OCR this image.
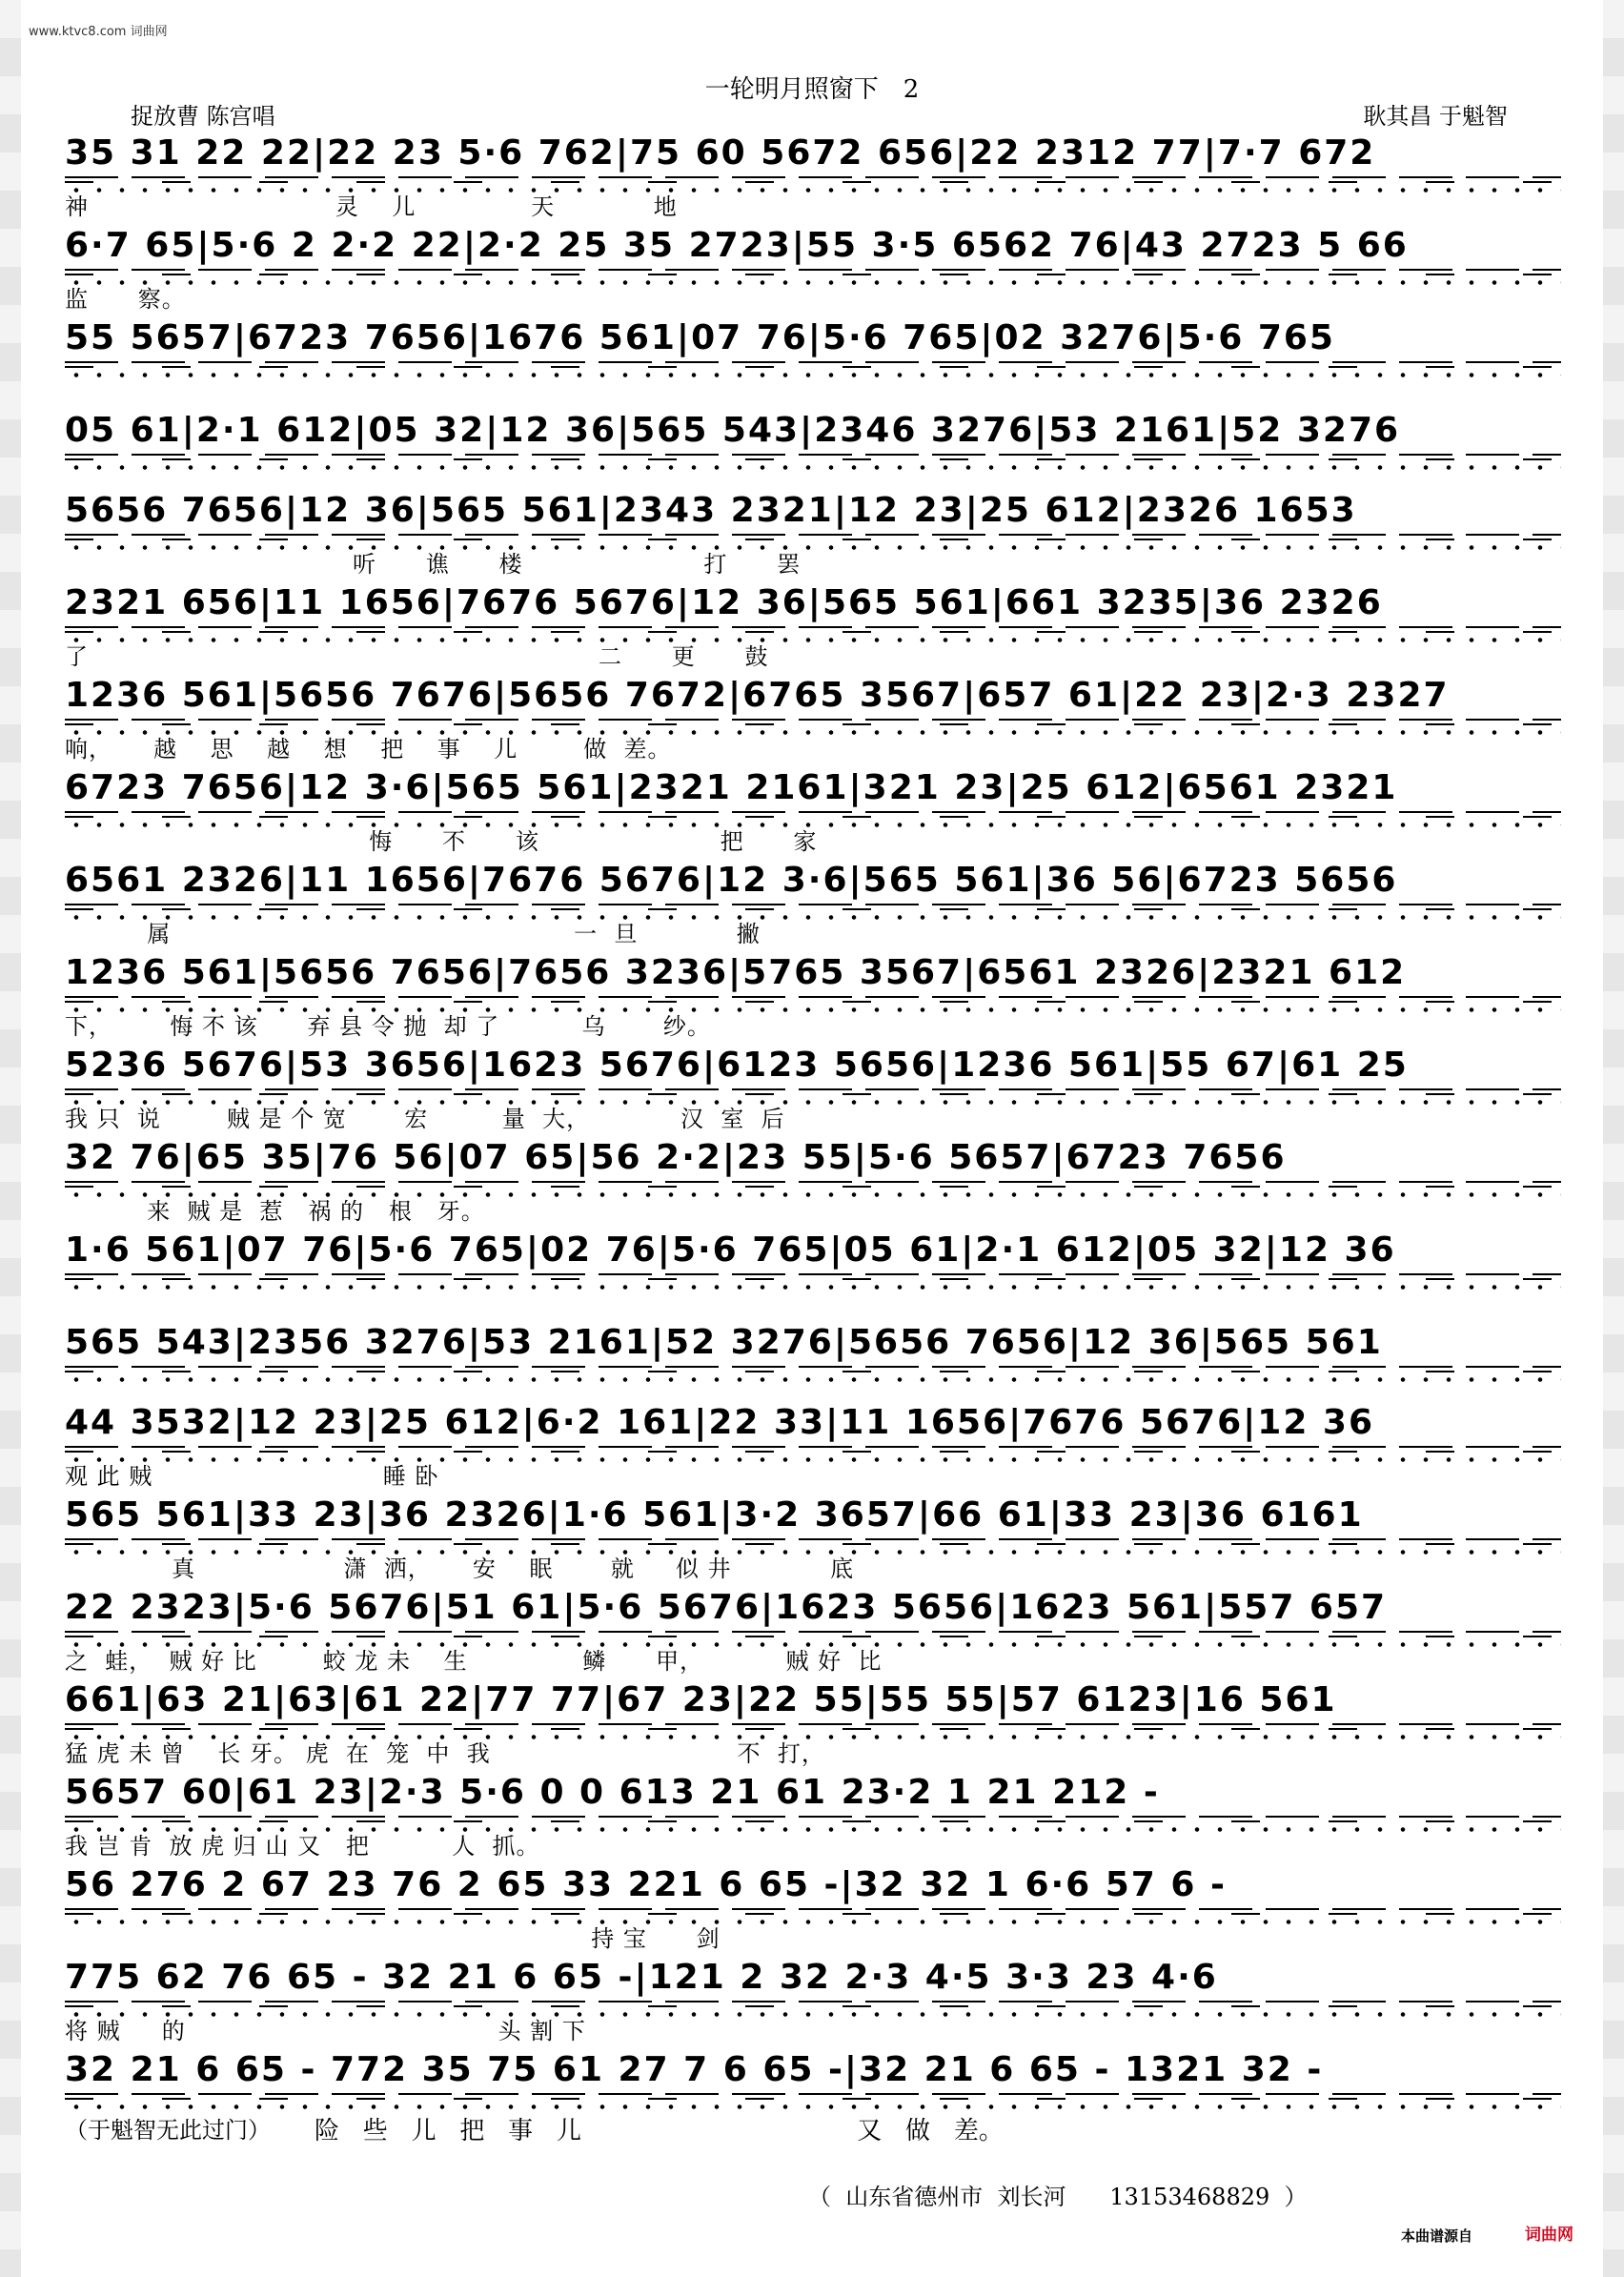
www.ktvc8.com 词曲网
一轮明月照窗下　2
捉放曹 陈宫唱	耿其昌 于魁智
35 31 22 22|22 23 5·6 762|75 60 5672 656|22 2312 77|7·7 672
神                              灵    儿              天            地
6·7 65|5·6 2 2·2 22|2·2 25 35 2723|55 3·5 6562 76|43 2723 5 66
监      察。
55 5657|6723 7656|1676 561|07 76|5·6 765|02 3276|5·6 765
05 61|2·1 612|05 32|12 36|565 543|2346 3276|53 2161|52 3276
5656 7656|12 36|565 561|2343 2321|12 23|25 612|2326 1653
听      谯      楼                      打      罢
2321 656|11 1656|7676 5676|12 36|565 561|661 3235|36 2326
了                                                              二      更      鼓
1236 561|5656 7676|5656 7672|6765 3567|657 61|22 23|2·3 2327
响，     越    思    越    想    把    事    儿        做  差。
6723 7656|12 3·6|565 561|2321 2161|321 23|25 612|6561 2321
悔      不      该                      把      家
6561 2326|11 1656|7676 5676|12 3·6|565 561|36 56|6723 5656
属                                                 一  旦            撇
1236 561|5656 7656|7656 3236|5765 3567|6561 2326|2321 612
下，       悔 不 该      弃 县 令 抛  却 了          乌       纱。
5236 5676|53 3656|1623 5676|6123 5656|1236 561|55 67|61 25
我 只  说        贼 是 个 宽       宏         量  大，           汉  室  后
32 76|65 35|76 56|07 65|56 2·2|23 55|5·6 5657|6723 7656
来  贼 是  惹   祸 的   根   牙。
1·6 561|07 76|5·6 765|02 76|5·6 765|05 61|2·1 612|05 32|12 36
565 543|2356 3276|53 2161|52 3276|5656 7656|12 36|565 561
44 3532|12 23|25 612|6·2 161|22 33|11 1656|7676 5676|12 36
观 此 贼                            睡 卧
565 561|33 23|36 2326|1·6 561|3·2 3657|66 61|33 23|36 6161
真                  潇  洒，     安    眠       就     似 井            底
22 2323|5·6 5676|51 61|5·6 5676|1623 5656|1623 561|557 657
之  蛙，  贼 好 比        蛟 龙 未    生              鳞      甲，          贼 好  比
661|63 21|63|61 22|77 77|67 23|22 55|55 55|57 6123|16 561
猛 虎 未 曾    长 牙。 虎  在  笼  中  我                              不  打，
5657 60|61 23|2·3 5·6 0 0 613 21 61 23·2 1 21 212 -
我 岂 肯  放 虎 归 山 又   把          人  抓。
56 276 2 67 23 76 2 65 33 221 6 65 -|32 32 1 6·6 57 6 -
持 宝      剑
775 62 76 65 - 32 21 6 65 -|121 2 32 2·3 4·5 3·3 23 4·6
将 贼     的                                      头 割 下
32 21 6 65 - 772 35 75 61 27 7 6 65 -|32 21 6 65 - 1321 32 -
（于魁智无此过门） 险   些   儿   把   事   儿                                   又   做   差。
（  山东省德州市  刘长河      13153468829  ）
本曲谱源自	词曲网
